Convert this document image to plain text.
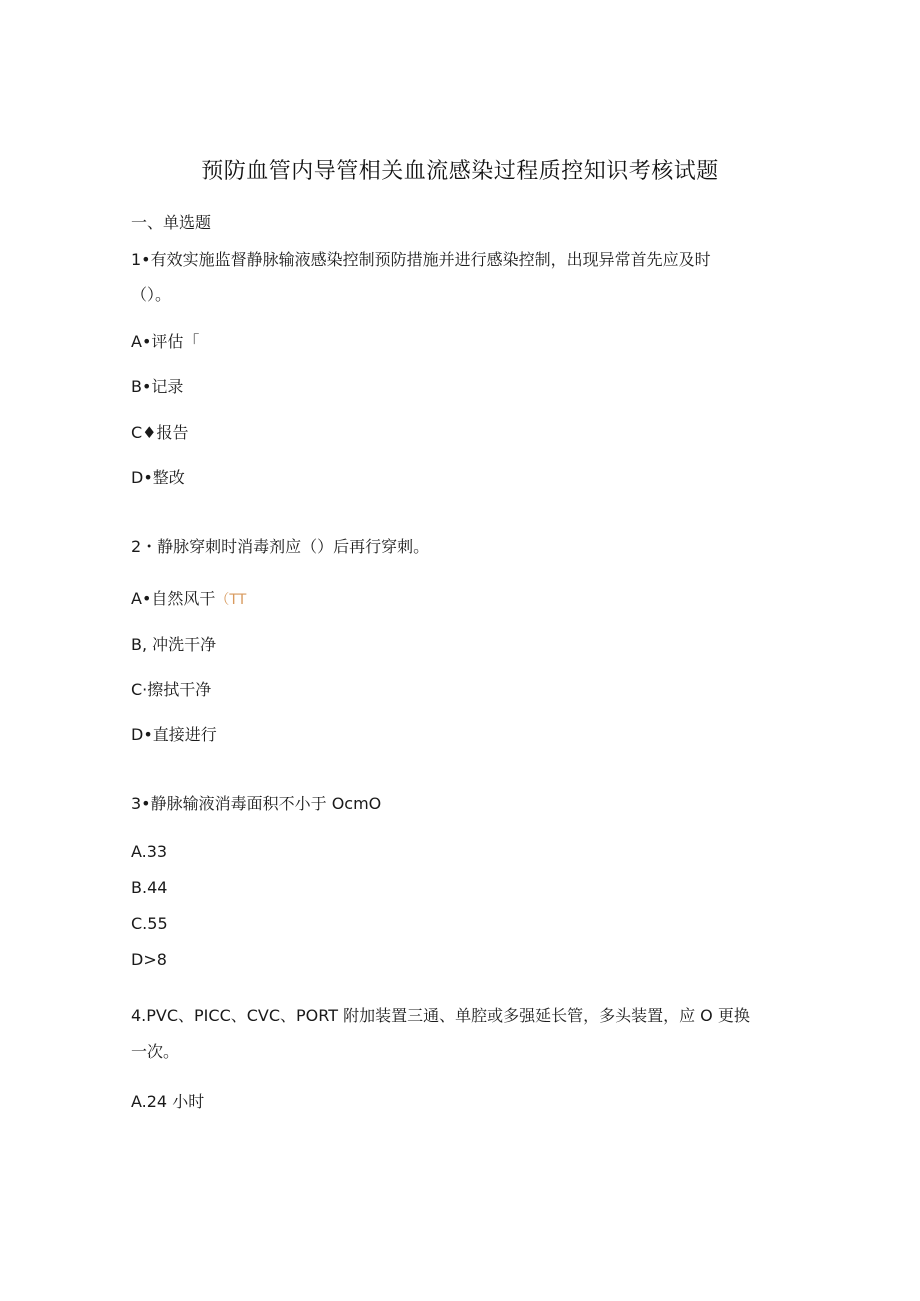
预防血管内导管相关血流感染过程质控知识考核试题
一、单选题
1•有效实施监督静脉输液感染控制预防措施并进行感染控制，出现异常首先应及时
（）。
A•评估「
B•记录
C♦报告
D•整改
2・静脉穿刺时消毒剂应（）后再行穿刺。
A•自然风干（TT
B, 冲洗干净
C·擦拭干净
D•直接进行
3•静脉输液消毒面积不小于 OcmO
A.33
B.44
C.55
D>8
4.PVC、PICC、CVC、PORT 附加装置三通、单腔或多强延长管，多头装置，应 O 更换
一次。
A.24 小时
